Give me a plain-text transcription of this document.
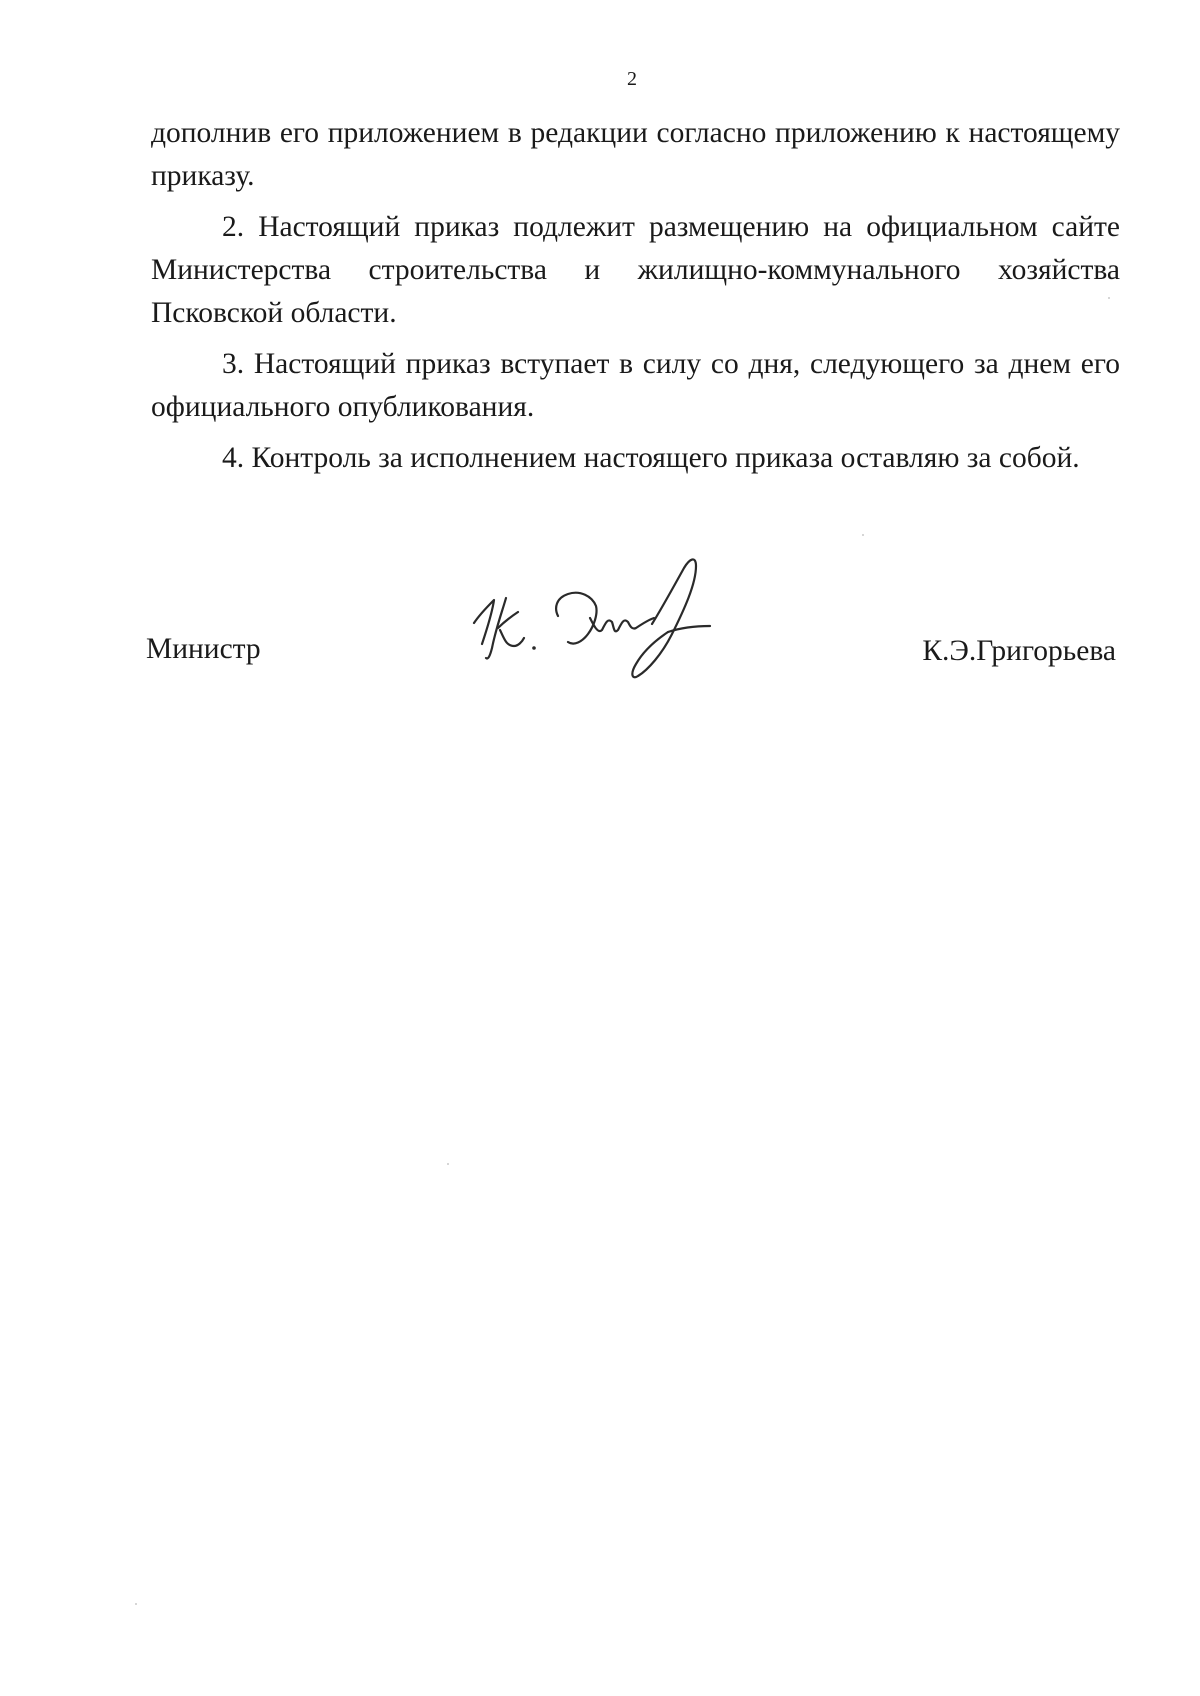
2

дополнив его приложением в редакции согласно приложению к настоящему приказу.

2. Настоящий приказ подлежит размещению на официальном сайте Министерства строительства и жилищно-коммунального хозяйства Псковской области.

3. Настоящий приказ вступает в силу со дня, следующего за днем его официального опубликования.

4. Контроль за исполнением настоящего приказа оставляю за собой.

Министр	К.Э.Григорьева
